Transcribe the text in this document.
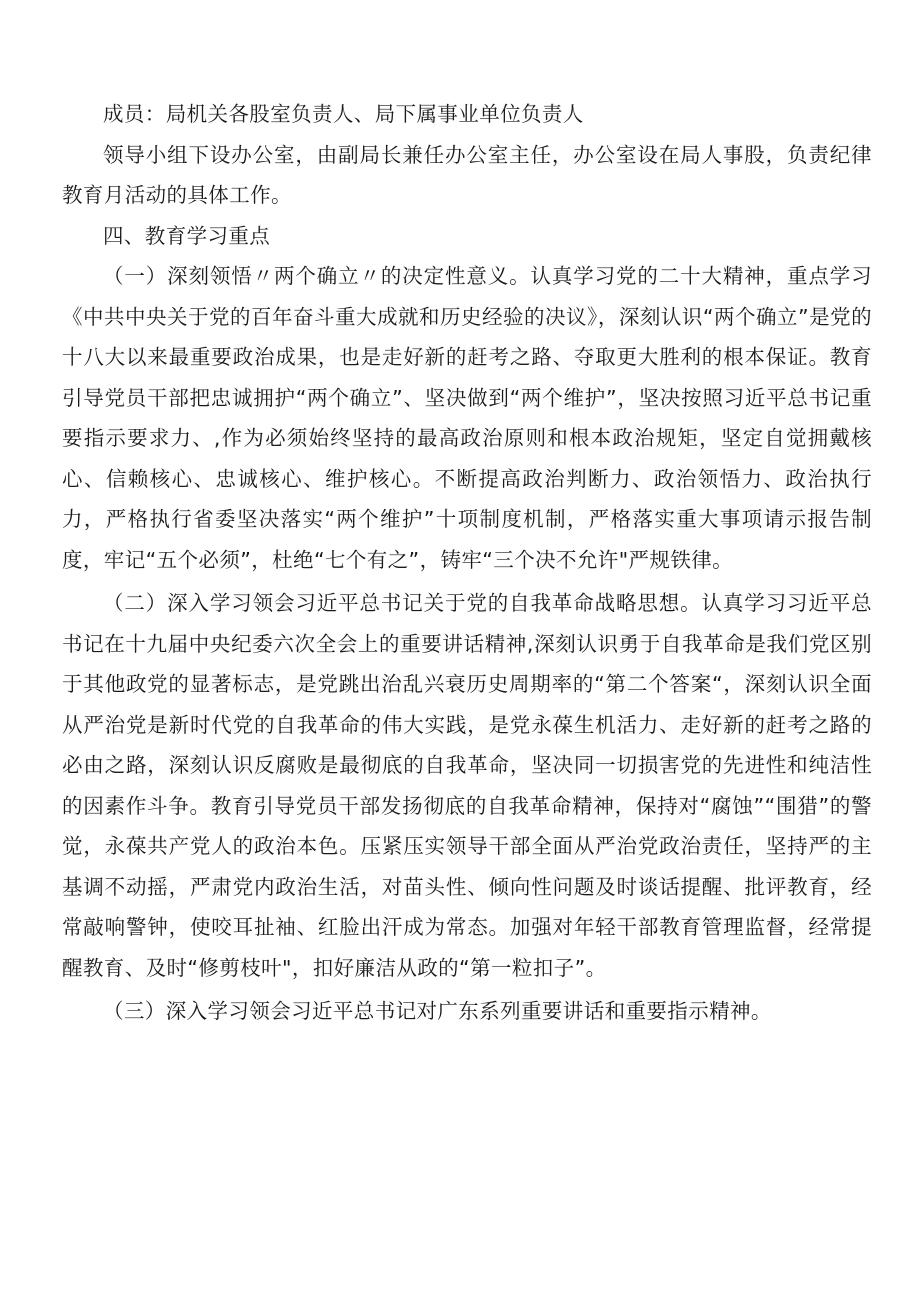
成员：局机关各股室负责人、局下属事业单位负责人

领导小组下设办公室，由副局长兼任办公室主任，办公室设在局人事股，负责纪律教育月活动的具体工作。

四、教育学习重点

（一）深刻领悟〃两个确立〃的决定性意义。认真学习党的二十大精神，重点学习《中共中央关于党的百年奋斗重大成就和历史经验的决议》，深刻认识“两个确立”是党的十八大以来最重要政治成果，也是走好新的赶考之路、夺取更大胜利的根本保证。教育引导党员干部把忠诚拥护“两个确立”、坚决做到“两个维护”，坚决按照习近平总书记重要指示要求力、,作为必须始终坚持的最高政治原则和根本政治规矩，坚定自觉拥戴核心、信赖核心、忠诚核心、维护核心。不断提高政治判断力、政治领悟力、政治执行力，严格执行省委坚决落实“两个维护”十项制度机制，严格落实重大事项请示报告制度，牢记“五个必须”，杜绝“七个有之”，铸牢“三个决不允许"严规铁律。

（二）深入学习领会习近平总书记关于党的自我革命战略思想。认真学习习近平总书记在十九届中央纪委六次全会上的重要讲话精神,深刻认识勇于自我革命是我们党区别于其他政党的显著标志，是党跳出治乱兴衰历史周期率的“第二个答案“，深刻认识全面从严治党是新时代党的自我革命的伟大实践，是党永葆生机活力、走好新的赶考之路的必由之路，深刻认识反腐败是最彻底的自我革命，坚决同一切损害党的先进性和纯洁性的因素作斗争。教育引导党员干部发扬彻底的自我革命精神，保持对“腐蚀”“围猎”的警觉，永葆共产党人的政治本色。压紧压实领导干部全面从严治党政治责任，坚持严的主基调不动摇，严肃党内政治生活，对苗头性、倾向性问题及时谈话提醒、批评教育，经常敲响警钟，使咬耳扯袖、红脸出汗成为常态。加强对年轻干部教育管理监督，经常提醒教育、及时“修剪枝叶"，扣好廉洁从政的“第一粒扣子”。

（三）深入学习领会习近平总书记对广东系列重要讲话和重要指示精神。
